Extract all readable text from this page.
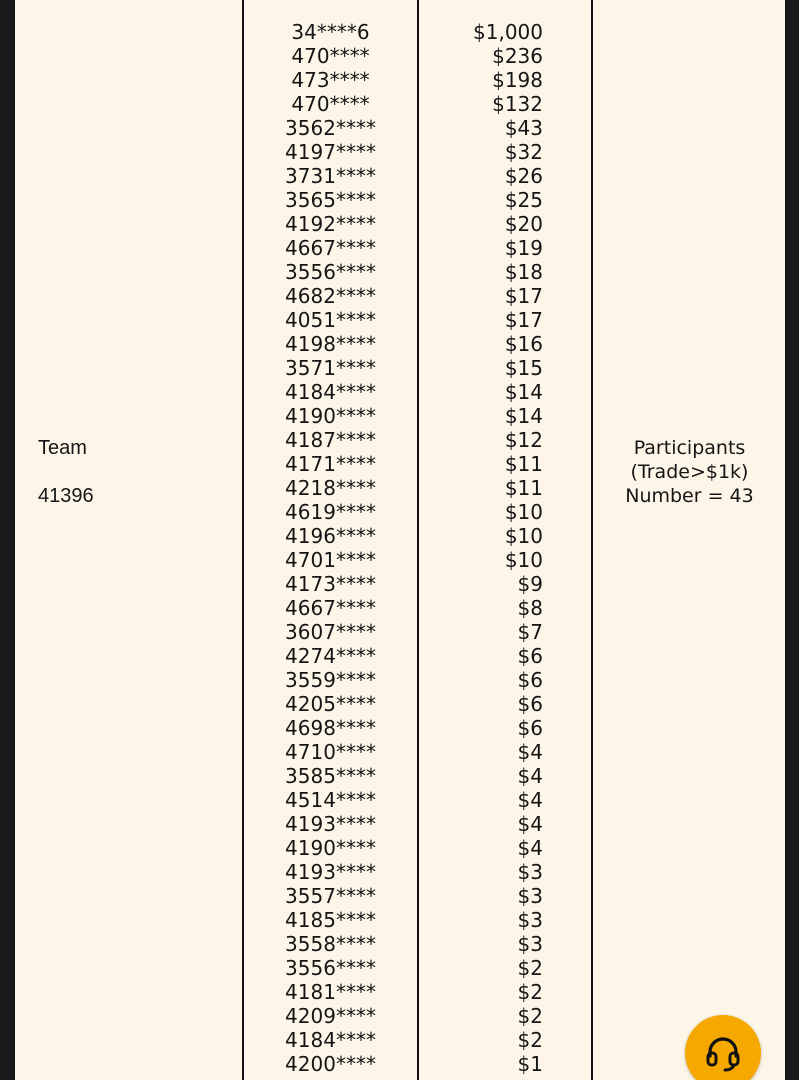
Team
41396
34****6
470****
473****
470****
3562****
4197****
3731****
3565****
4192****
4667****
3556****
4682****
4051****
4198****
3571****
4184****
4190****
4187****
4171****
4218****
4619****
4196****
4701****
4173****
4667****
3607****
4274****
3559****
4205****
4698****
4710****
3585****
4514****
4193****
4190****
4193****
3557****
4185****
3558****
3556****
4181****
4209****
4184****
4200****
$1,000
$236
$198
$132
$43
$32
$26
$25
$20
$19
$18
$17
$17
$16
$15
$14
$14
$12
$11
$11
$10
$10
$10
$9
$8
$7
$6
$6
$6
$6
$4
$4
$4
$4
$4
$3
$3
$3
$3
$2
$2
$2
$2
$1
Participants
(Trade>$1k)
Number = 43
